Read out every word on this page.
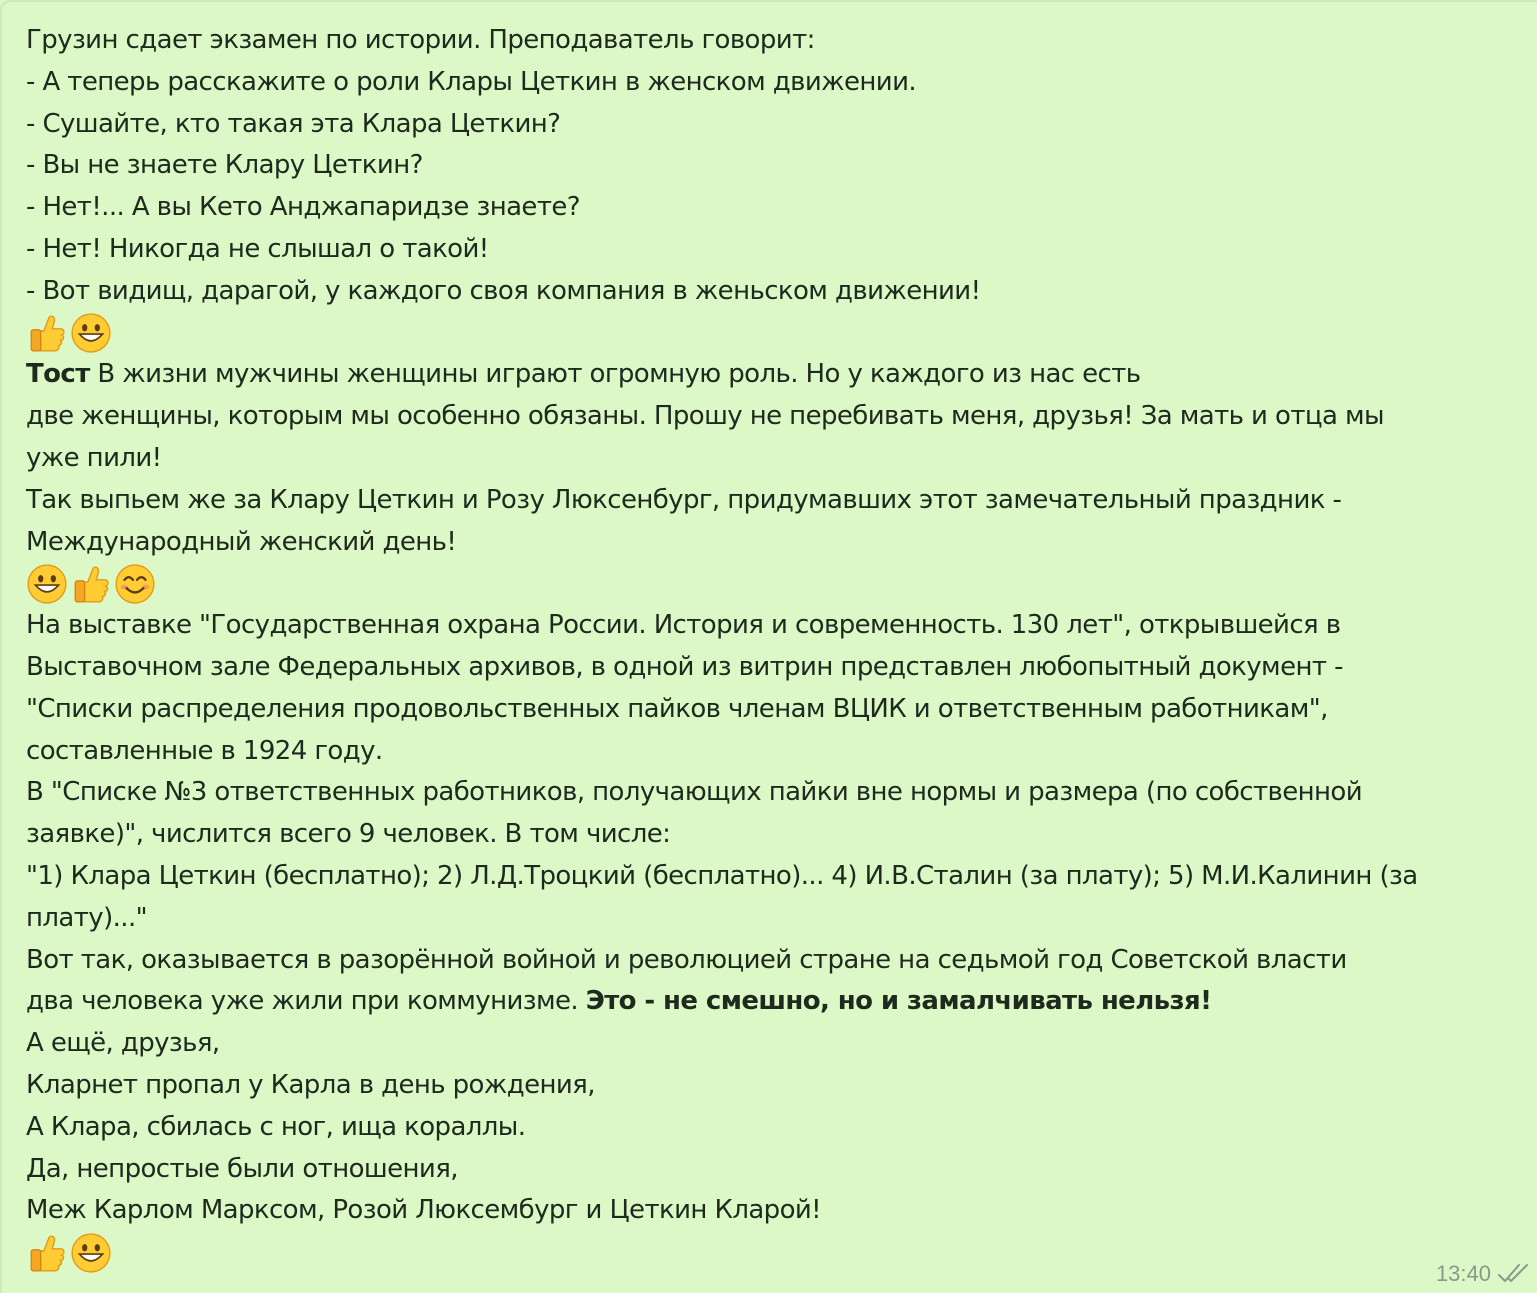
Грузин сдает экзамен по истории. Преподаватель говорит:
- А теперь расскажите о роли Клары Цеткин в женском движении.
- Сушайте, кто такая эта Клара Цеткин?
- Вы не знаете Клару Цеткин?
- Нет!... А вы Кето Анджапаридзе знаете?
- Нет! Никогда не слышал о такой!
- Вот видищ, дарагой, у каждого своя компания в женьском движении!
Тост В жизни мужчины женщины играют огромную роль. Но у каждого из нас есть
две женщины, которым мы особенно обязаны. Прошу не перебивать меня, друзья! За мать и отца мы
уже пили!
Так выпьем же за Клару Цеткин и Розу Люксенбург, придумавших этот замечательный праздник -
Международный женский день!
На выставке "Государственная охрана России. История и современность. 130 лет", открывшейся в
Выставочном зале Федеральных архивов, в одной из витрин представлен любопытный документ -
"Списки распределения продовольственных пайков членам ВЦИК и ответственным работникам",
составленные в 1924 году.
В "Списке №3 ответственных работников, получающих пайки вне нормы и размера (по собственной
заявке)", числится всего 9 человек. В том числе:
"1) Клара Цеткин (бесплатно); 2) Л.Д.Троцкий (бесплатно)... 4) И.В.Сталин (за плату); 5) М.И.Калинин (за
плату)..."
Вот так, оказывается в разорённой войной и революцией стране на седьмой год Советской власти
два человека уже жили при коммунизме. Это - не смешно, но и замалчивать нельзя!
А ещё, друзья,
Кларнет пропал у Карла в день рождения,
А Клара, сбилась с ног, ища кораллы.
Да, непростые были отношения,
Меж Карлом Марксом, Розой Люксембург и Цеткин Кларой!
13:40
